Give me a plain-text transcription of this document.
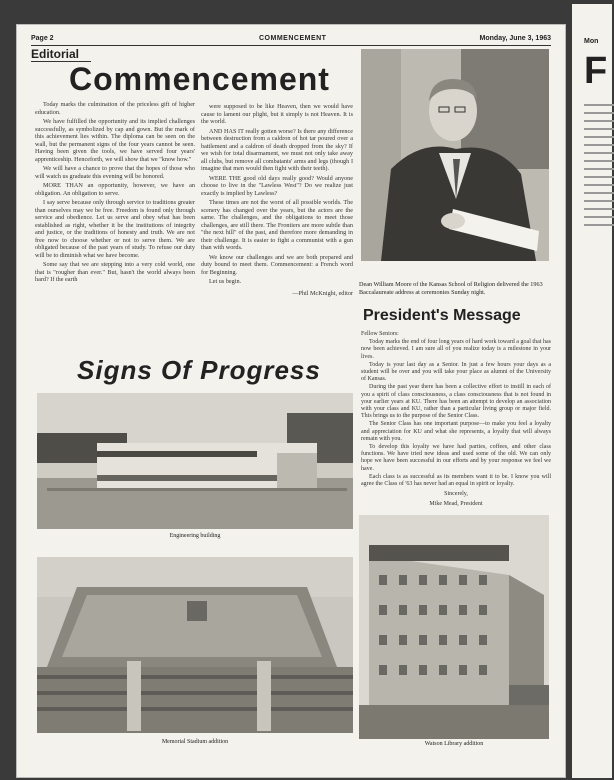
Page 2	COMMENCEMENT	Monday, June 3, 1963
Editorial
Commencement

Today marks the culmination of the priceless gift of higher education.

We have fulfilled the opportunity and its implied challenges successfully, as symbolized by cap and gown. But the mark of this achievement lies within. The diploma can be seen on the wall, but the permanent signs of the four years cannot be seen. Having been given the tools, we have served four years' apprenticeship. Henceforth, we will show that we "know how."

We will have a chance to prove that the hopes of those who will watch us graduate this evening will be honored.

MORE THAN an opportunity, however, we have an obligation. An obligation to serve.

I say serve because only through service to traditions greater than ourselves may we be free. Freedom is found only through service and obedience. Let us serve and obey what has been established as right, whether it be the institutions of integrity and justice, or the traditions of honesty and truth. We are not free now to choose whether or not to serve them. We are obligated because of the past years of study. To refuse our duty will be to diminish what we have become.

Some say that we are stepping into a very cold world, one that is "rougher than ever." But, hasn't the world always been hard? If the earth

were supposed to be like Heaven, then we would have cause to lament our plight, but it simply is not Heaven. It is the world.

AND HAS IT really gotten worse? Is there any difference between destruction from a caldron of hot tar poured over a battlement and a caldron of death dropped from the sky? If we wish for total disarmament, we must not only take away all clubs, but remove all combatants' arms and legs (though I imagine that men would then fight with their teeth).

WERE THE good old days really good? Would anyone choose to live in the "Lawless West"? Do we realize just exactly is implied by Lawless?

These times are not the worst of all possible worlds. The scenery has changed over the years, but the actors are the same. The challenges, and the obligations to meet those challenges, are still there. The Frontiers are more subtle than "the next hill" of the past, and therefore more demanding in their challenge. It is easier to fight a communist with a gun than with words.

We know our challenges and we are both prepared and duty bound to meet them. Commencement: a French word for Beginning.

Let us begin.

—Phil McKnight, editor
Dean William Moore of the Kansas School of Religion delivered the 1963 Baccalaureate address at ceremonies Sunday night.
President's Message

Fellow Seniors:

Today marks the end of four long years of hard work toward a goal that has now been achieved. I am sure all of you realize today is a milestone in your lives.

Today is your last day as a Senior. In just a few hours your days as a student will be over and you will take your place as alumni of the University of Kansas.

During the past year there has been a collective effort to instill in each of you a spirit of class consciousness, a class consciousness that is not found in your earlier years at KU. There has been an attempt to develop an association with your class and KU, rather than a particular living group or major field. This brings us to the purpose of the Senior Class.

The Senior Class has one important purpose—to make you feel a loyalty and appreciation for KU and what she represents, a loyalty that will always remain with you.

To develop this loyalty we have had parties, coffees, and other class functions. We have tried new ideas and used some of the old. We can only hope we have been successful in our efforts and by your response we feel we have.

Each class is as successful as its members want it to be. I know you will agree the Class of '63 has never had an equal in spirit or loyalty.

Sincerely,

Mike Mead, President

Signs Of Progress
Engineering building
Memorial Stadium addition	Watson Library addition
Mon
F
